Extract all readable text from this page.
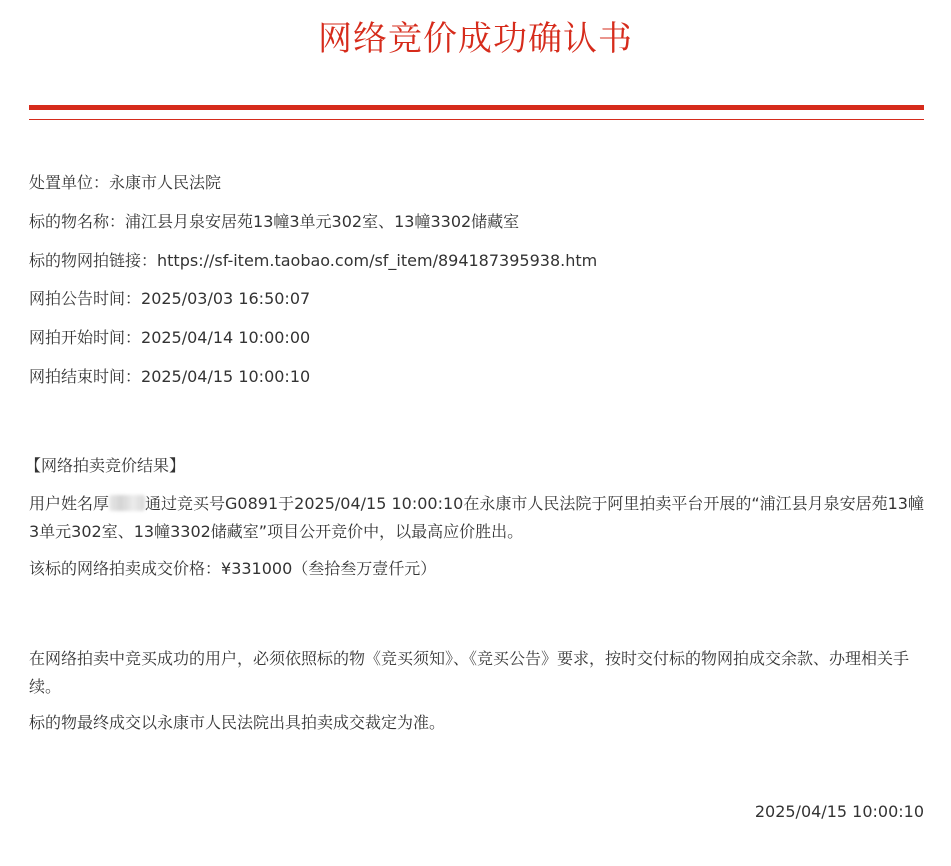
网络竞价成功确认书
处置单位：永康市人民法院
标的物名称：浦江县月泉安居苑13幢3单元302室、13幢3302储藏室
标的物网拍链接：https://sf-item.taobao.com/sf_item/894187395938.htm
网拍公告时间：2025/03/03 16:50:07
网拍开始时间：2025/04/14 10:00:00
网拍结束时间：2025/04/15 10:00:10
【网络拍卖竞价结果】
用户姓名厚 通过竞买号G0891于2025/04/15 10:00:10在永康市人民法院于阿里拍卖平台开展的“浦江县月泉安居苑13幢3单元302室、13幢3302储藏室”项目公开竞价中，以最高应价胜出。
该标的网络拍卖成交价格：¥331000（叁拾叁万壹仟元）
在网络拍卖中竞买成功的用户，必须依照标的物《竞买须知》、《竞买公告》要求，按时交付标的物网拍成交余款、办理相关手续。
标的物最终成交以永康市人民法院出具拍卖成交裁定为准。
2025/04/15 10:00:10
